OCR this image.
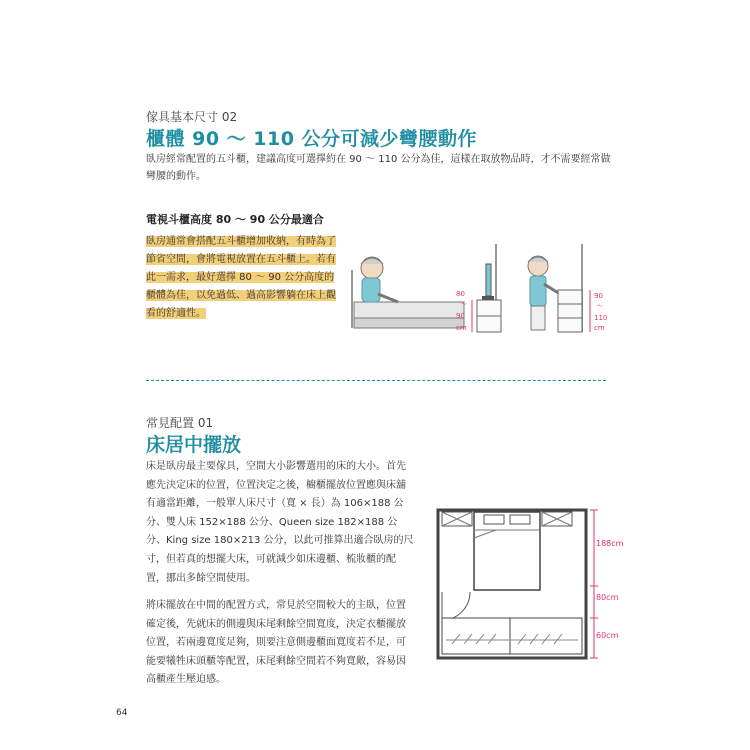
傢具基本尺寸 02
櫃體 90 ～ 110 公分可減少彎腰動作
臥房經常配置的五斗櫃，建議高度可選擇約在 90 ～ 110 公分為佳，這樣在取放物品時，才不需要經常做彎腰的動作。
電視斗櫃高度 80 ～ 90 公分最適合
臥房通常會搭配五斗櫃增加收納，有時為了節省空間，會將電視放置在五斗櫃上。若有此一需求，最好選擇 80 ～ 90 公分高度的櫃體為佳，以免過低、過高影響躺在床上觀看的舒適性。
80
～
90
cm
90
～
110
cm
常見配置 01
床居中擺放
床是臥房最主要傢具，空間大小影響選用的床的大小。首先應先決定床的位置，位置決定之後，櫥櫃擺放位置應與床舖有適當距離，一般單人床尺寸（寬 × 長）為 106×188 公分、雙人床 152×188 公分、Queen size 182×188 公分、King size 180×213 公分，以此可推算出適合臥房的尺寸，但若真的想擺大床，可就減少如床邊櫃、梳妝櫃的配置，挪出多餘空間使用。
將床擺放在中間的配置方式，常見於空間較大的主臥，位置確定後，先就床的側邊與床尾剩餘空間寬度，決定衣櫃擺放位置，若兩邊寬度足夠，則要注意側邊櫃面寬度若不足，可能要犧牲床頭櫃等配置，床尾剩餘空間若不夠寬敞，容易因高櫃產生壓迫感。
188cm
80cm
60cm
64
